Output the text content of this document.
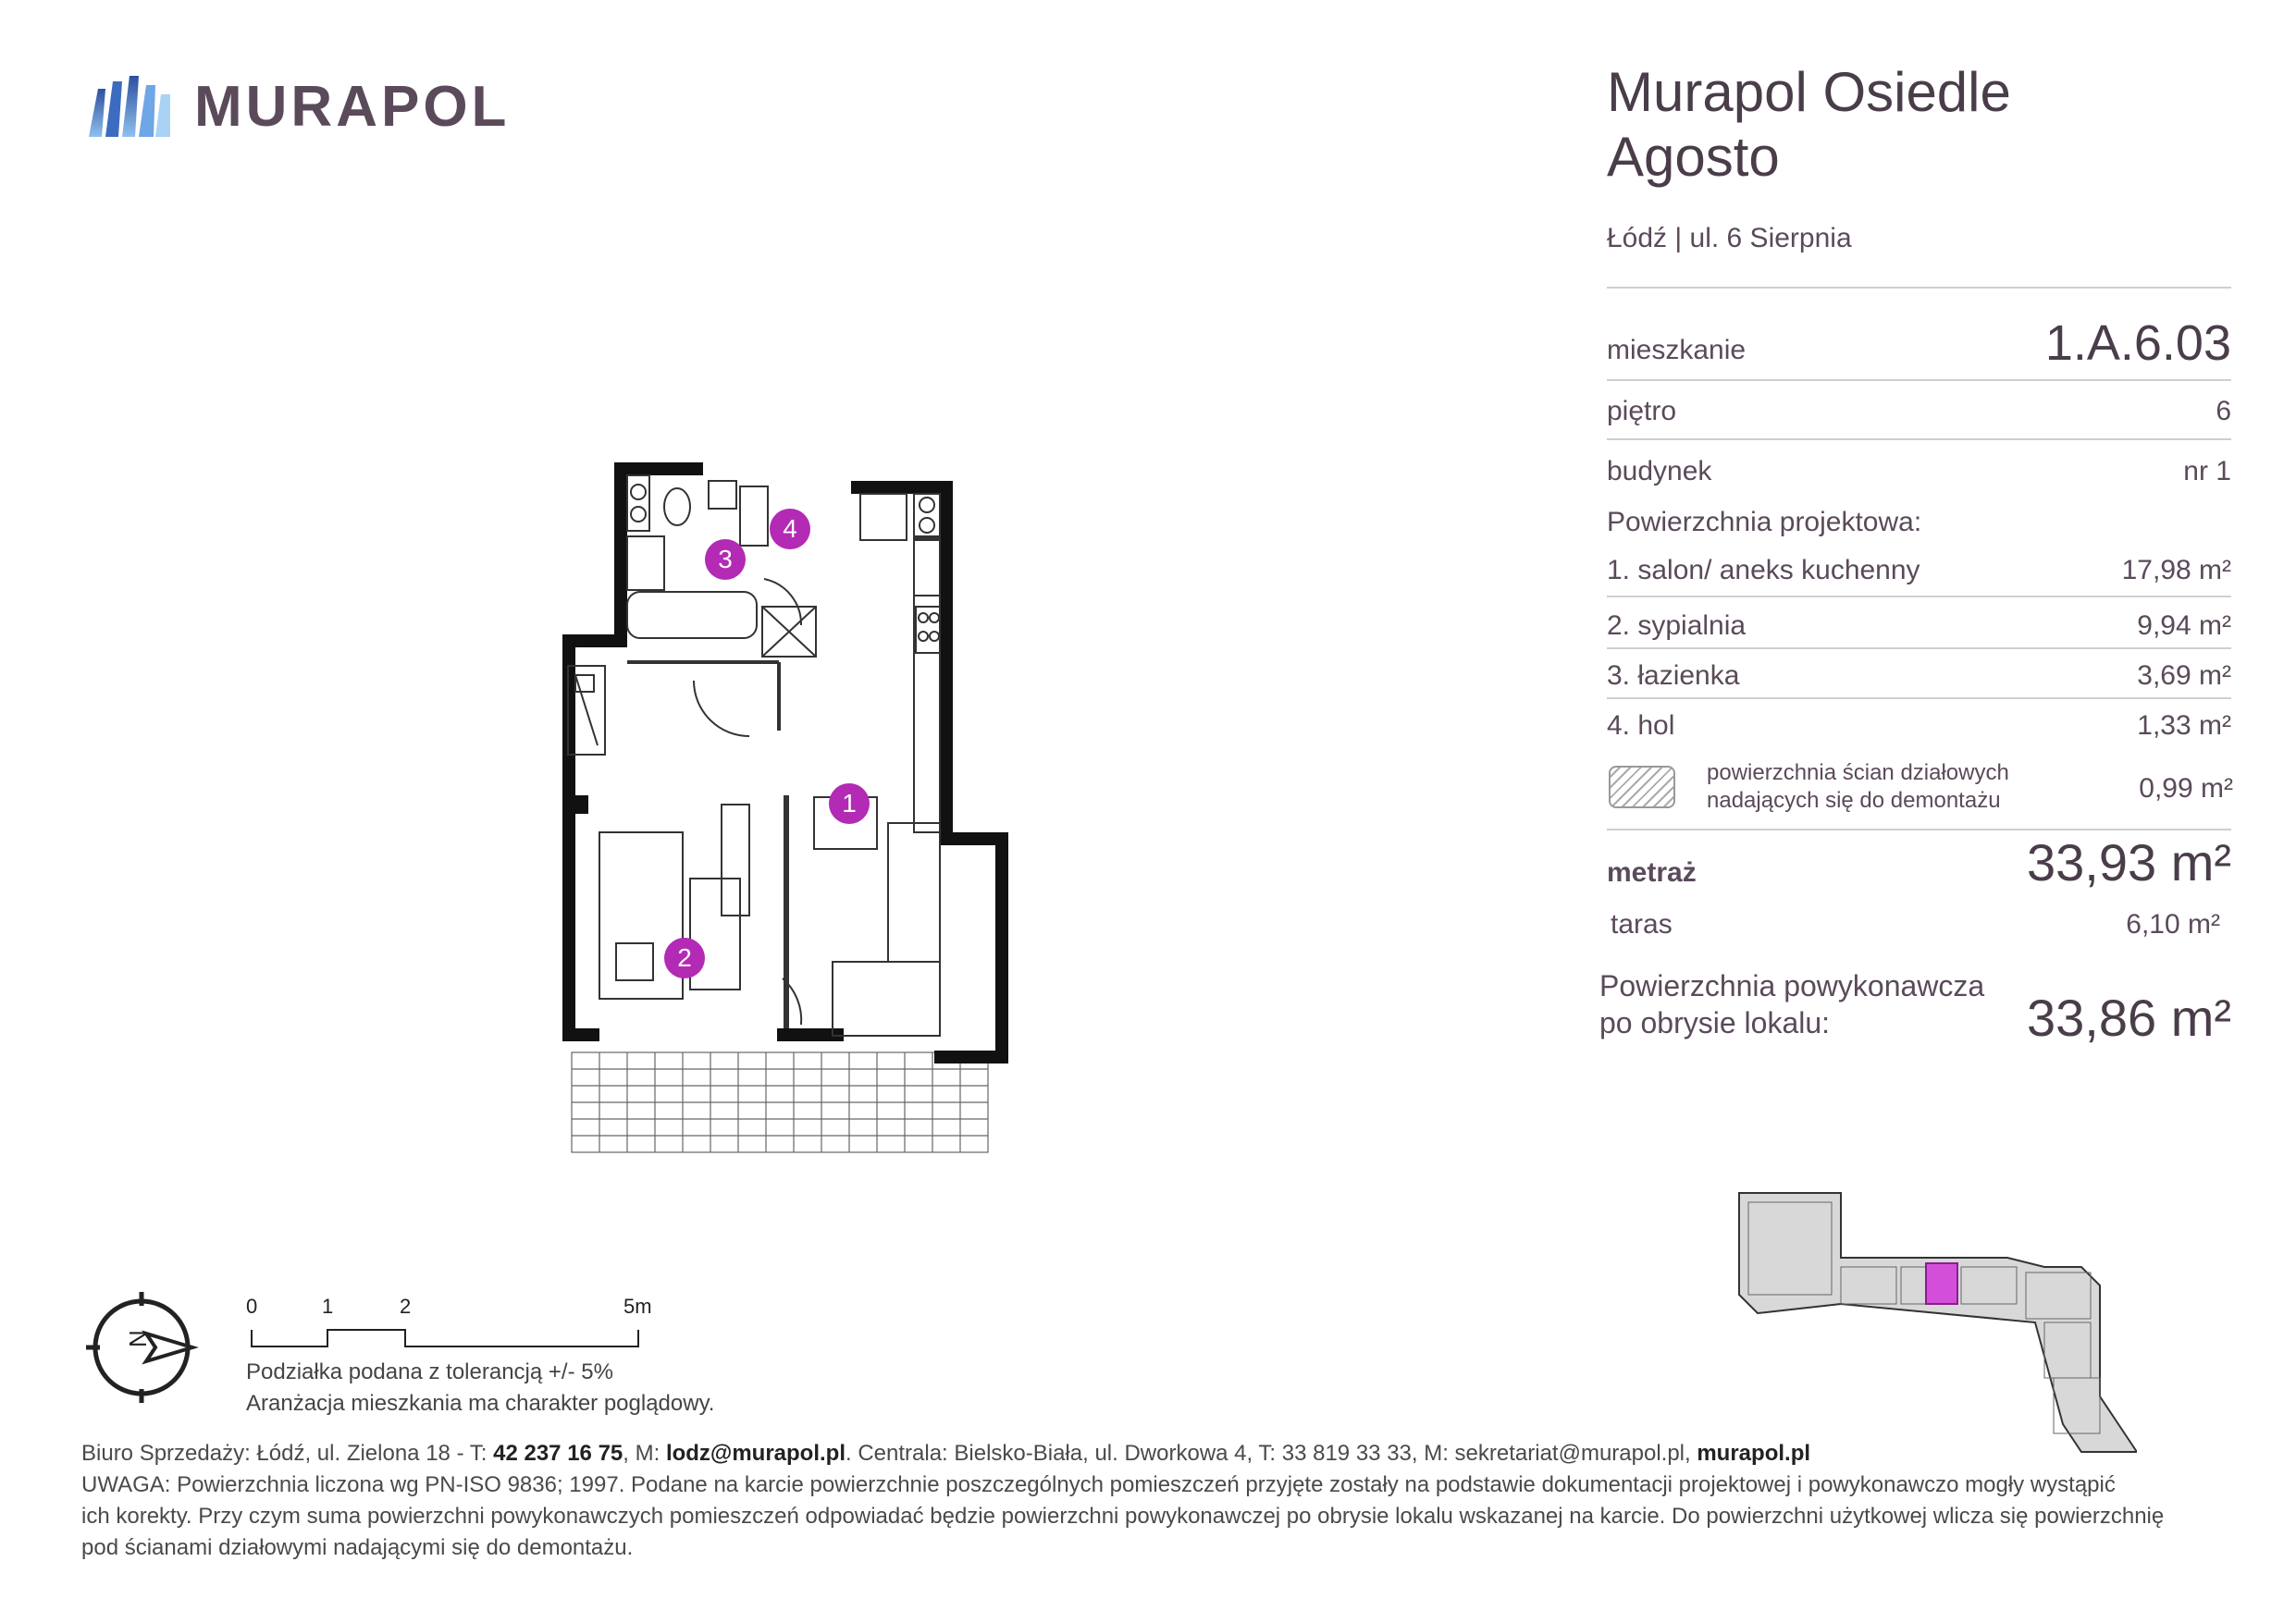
MURAPOL	Murapol Osiedle
Agosto
Łódź | ul. 6 Sierpnia
mieszkanie	1.A.6.03
piętro	6
budynek	nr 1
Powierzchnia projektowa:
1. salon/ aneks kuchenny	17,98 m²
2. sypialnia	9,94 m²
3. łazienka	3,69 m²
4. hol	1,33 m²
powierzchnia ścian działowych
nadających się do demontażu	0,99 m²
metraż	33,93 m²
taras	6,10 m²
Powierzchnia powykonawcza
po obrysie lokalu:	33,86 m²
1
2
3
4
N
0	1	2	5m
Podziałka podana z tolerancją +/- 5%
Aranżacja mieszkania ma charakter poglądowy.

Biuro Sprzedaży: Łódź, ul. Zielona 18 - T: 42 237 16 75, M: lodz@murapol.pl. Centrala: Bielsko-Biała, ul. Dworkowa 4, T: 33 819 33 33, M: sekretariat@murapol.pl, murapol.pl

UWAGA: Powierzchnia liczona wg PN-ISO 9836; 1997. Podane na karcie powierzchnie poszczególnych pomieszczeń przyjęte zostały na podstawie dokumentacji projektowej i powykonawczo mogły wystąpić

ich korekty. Przy czym suma powierzchni powykonawczych pomieszczeń odpowiadać będzie powierzchni powykonawczej po obrysie lokalu wskazanej na karcie. Do powierzchni użytkowej wlicza się powierzchnię

pod ścianami działowymi nadającymi się do demontażu.
